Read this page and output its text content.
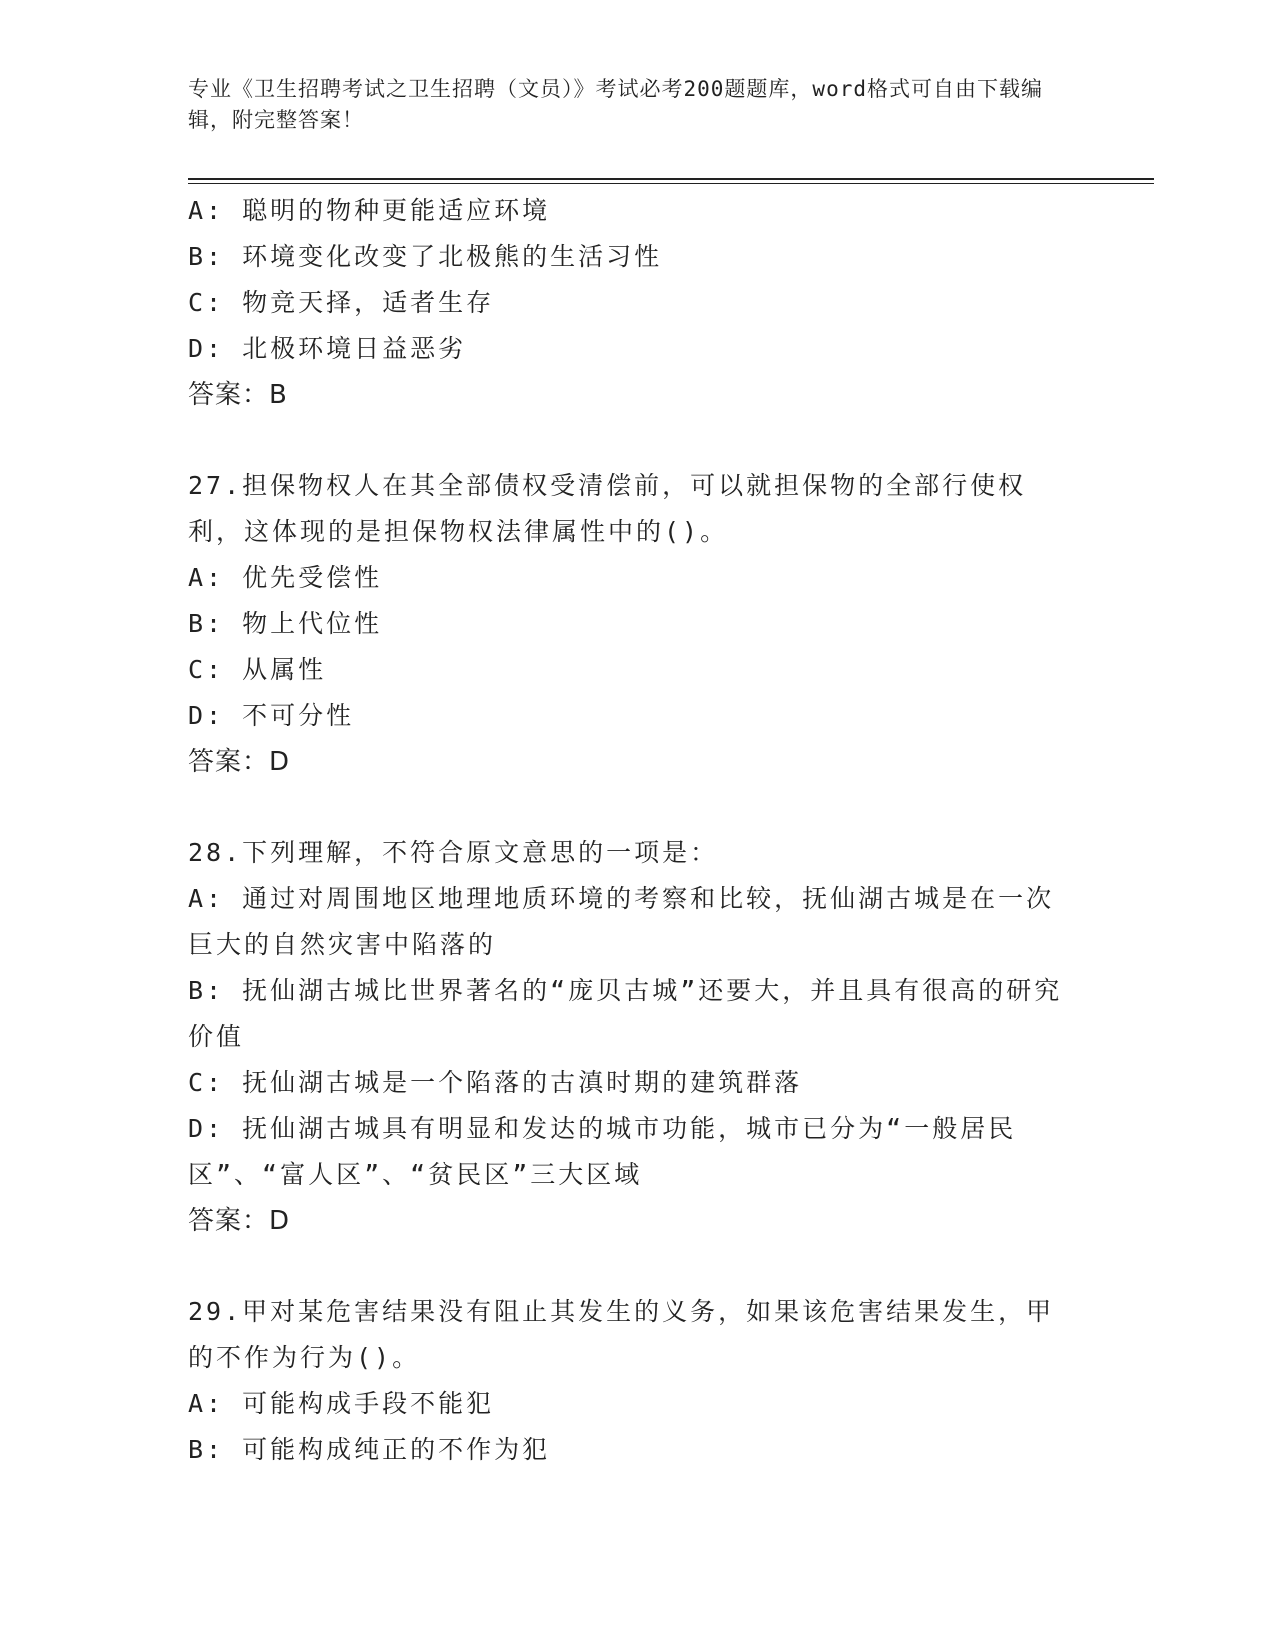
专业《卫生招聘考试之卫生招聘（文员）》考试必考200题题库，word格式可自由下载编辑，附完整答案！
A: 聪明的物种更能适应环境
B: 环境变化改变了北极熊的生活习性
C: 物竞天择，适者生存
D: 北极环境日益恶劣
答案：B
27.担保物权人在其全部债权受清偿前，可以就担保物的全部行使权利，这体现的是担保物权法律属性中的()。
A: 优先受偿性
B: 物上代位性
C: 从属性
D: 不可分性
答案：D
28.下列理解，不符合原文意思的一项是：
A: 通过对周围地区地理地质环境的考察和比较，抚仙湖古城是在一次巨大的自然灾害中陷落的
B: 抚仙湖古城比世界著名的“庞贝古城”还要大，并且具有很高的研究价值
C: 抚仙湖古城是一个陷落的古滇时期的建筑群落
D: 抚仙湖古城具有明显和发达的城市功能，城市已分为“一般居民区”、“富人区”、“贫民区”三大区域
答案：D
29.甲对某危害结果没有阻止其发生的义务，如果该危害结果发生，甲的不作为行为()。
A: 可能构成手段不能犯
B: 可能构成纯正的不作为犯
